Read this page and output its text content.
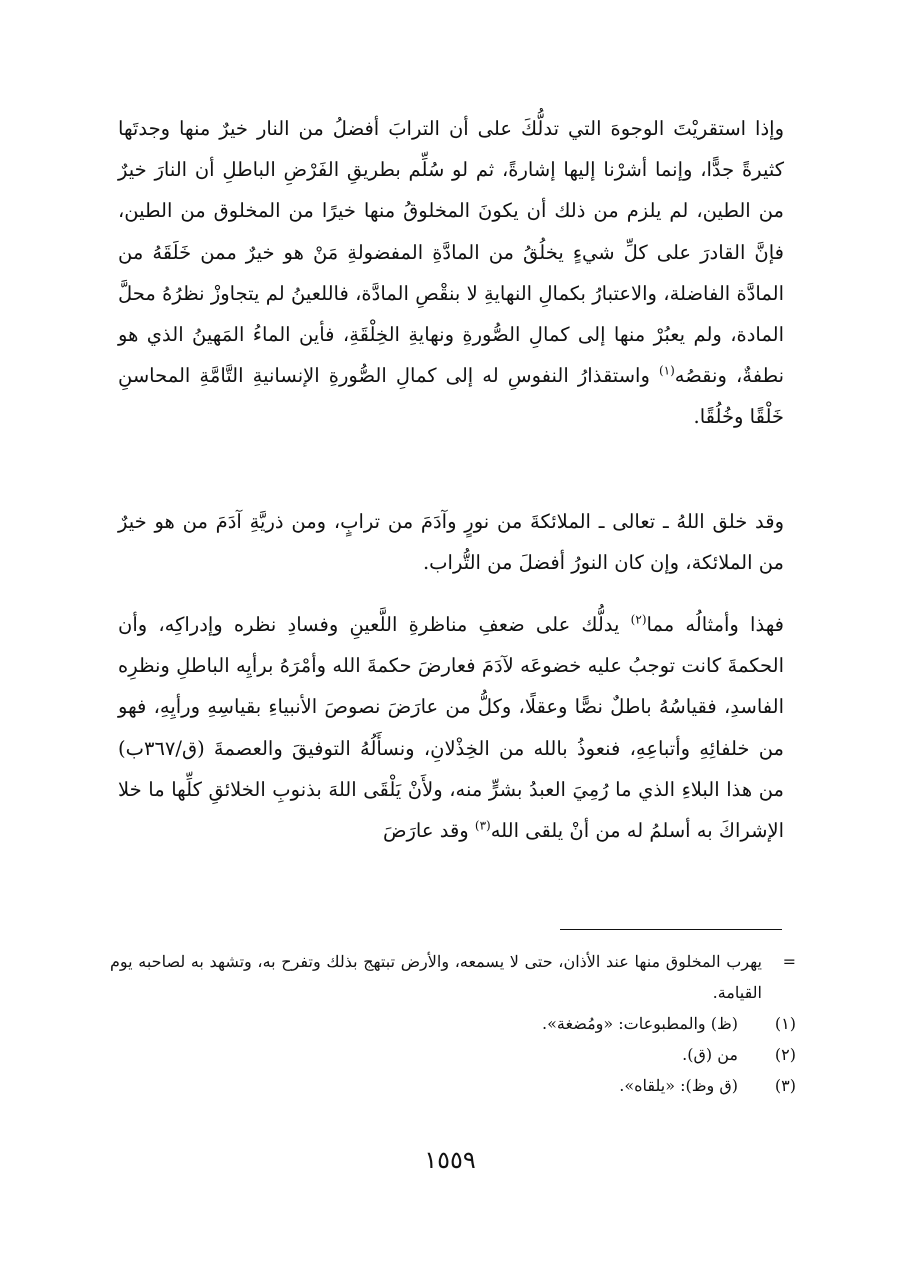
وإذا استقريْتَ الوجوهَ التي تدلُّكَ على أن الترابَ أفضلُ من النار خيرٌ منها وجدتَها كثيرةً جدًّا، وإنما أشرْنا إليها إشارةً، ثم لو سُلِّم بطريقِ الفَرْضِ الباطلِ أن النارَ خيرٌ من الطين، لم يلزم من ذلك أن يكونَ المخلوقُ منها خيرًا من المخلوق من الطين، فإنَّ القادرَ على كلِّ شيءٍ يخلُقُ من المادَّةِ المفضولةِ مَنْ هو خيرٌ ممن خَلَقَهُ من المادَّة الفاضلة، والاعتبارُ بكمالِ النهايةِ لا بنقْصِ المادَّة، فاللعينُ لم يتجاوزْ نظرُهُ محلَّ المادة، ولم يعبُرْ منها إلى كمالِ الصُّورةِ ونهايةِ الخِلْقَةِ، فأين الماءُ المَهينُ الذي هو نطفةٌ، ونقصُه$^{(١)}$ واستقذارُ النفوسِ له إلى كمالِ الصُّورةِ الإنسانيةِ التَّامَّةِ المحاسنِ خَلْقًا وخُلُقًا.

وقد خلق اللهُ ـ تعالى ـ الملائكةَ من نورٍ وآدَمَ من ترابٍ، ومن ذريَّةِ آدَمَ من هو خيرٌ من الملائكة، وإن كان النورُ أفضلَ من التُّراب.

فهذا وأمثالُه مما$^{(٢)}$ يدلُّك على ضعفِ مناظرةِ اللَّعينِ وفسادِ نظره وإدراكِه، وأن الحكمةَ كانت توجبُ عليه خضوعَه لآدَمَ فعارضَ حكمةَ الله وأمْرَهُ برأيِه الباطلِ ونظرِه الفاسدِ، فقياسُهُ باطلٌ نصًّا وعقلًا، وكلُّ من عارَضَ نصوصَ الأنبياءِ بقياسِهِ ورأيِهِ، فهو من خلفائِهِ وأتباعِهِ، فنعوذُ بالله من الخِذْلانِ، ونسأَلُهُ التوفيقَ والعصمةَ (ق/٣٦٧ب) من هذا البلاءِ الذي ما رُمِيَ العبدُ بشرٍّ منه، ولأَنْ يَلْقَى اللهَ بذنوبِ الخلائقِ كلِّها ما خلا الإشراكَ به أسلمُ له من أنْ يلقى الله$^{(٣)}$ وقد عارَضَ

=
يهرب المخلوق منها عند الأذان، حتى لا يسمعه، والأرض تبتهج بذلك وتفرح به، وتشهد به لصاحبه يوم القيامة.
(١)
(ظ) والمطبوعات: «ومُضغة».
(٢)
من (ق).
(٣)
(ق وظ): «يلقاه».
١٥٥٩
